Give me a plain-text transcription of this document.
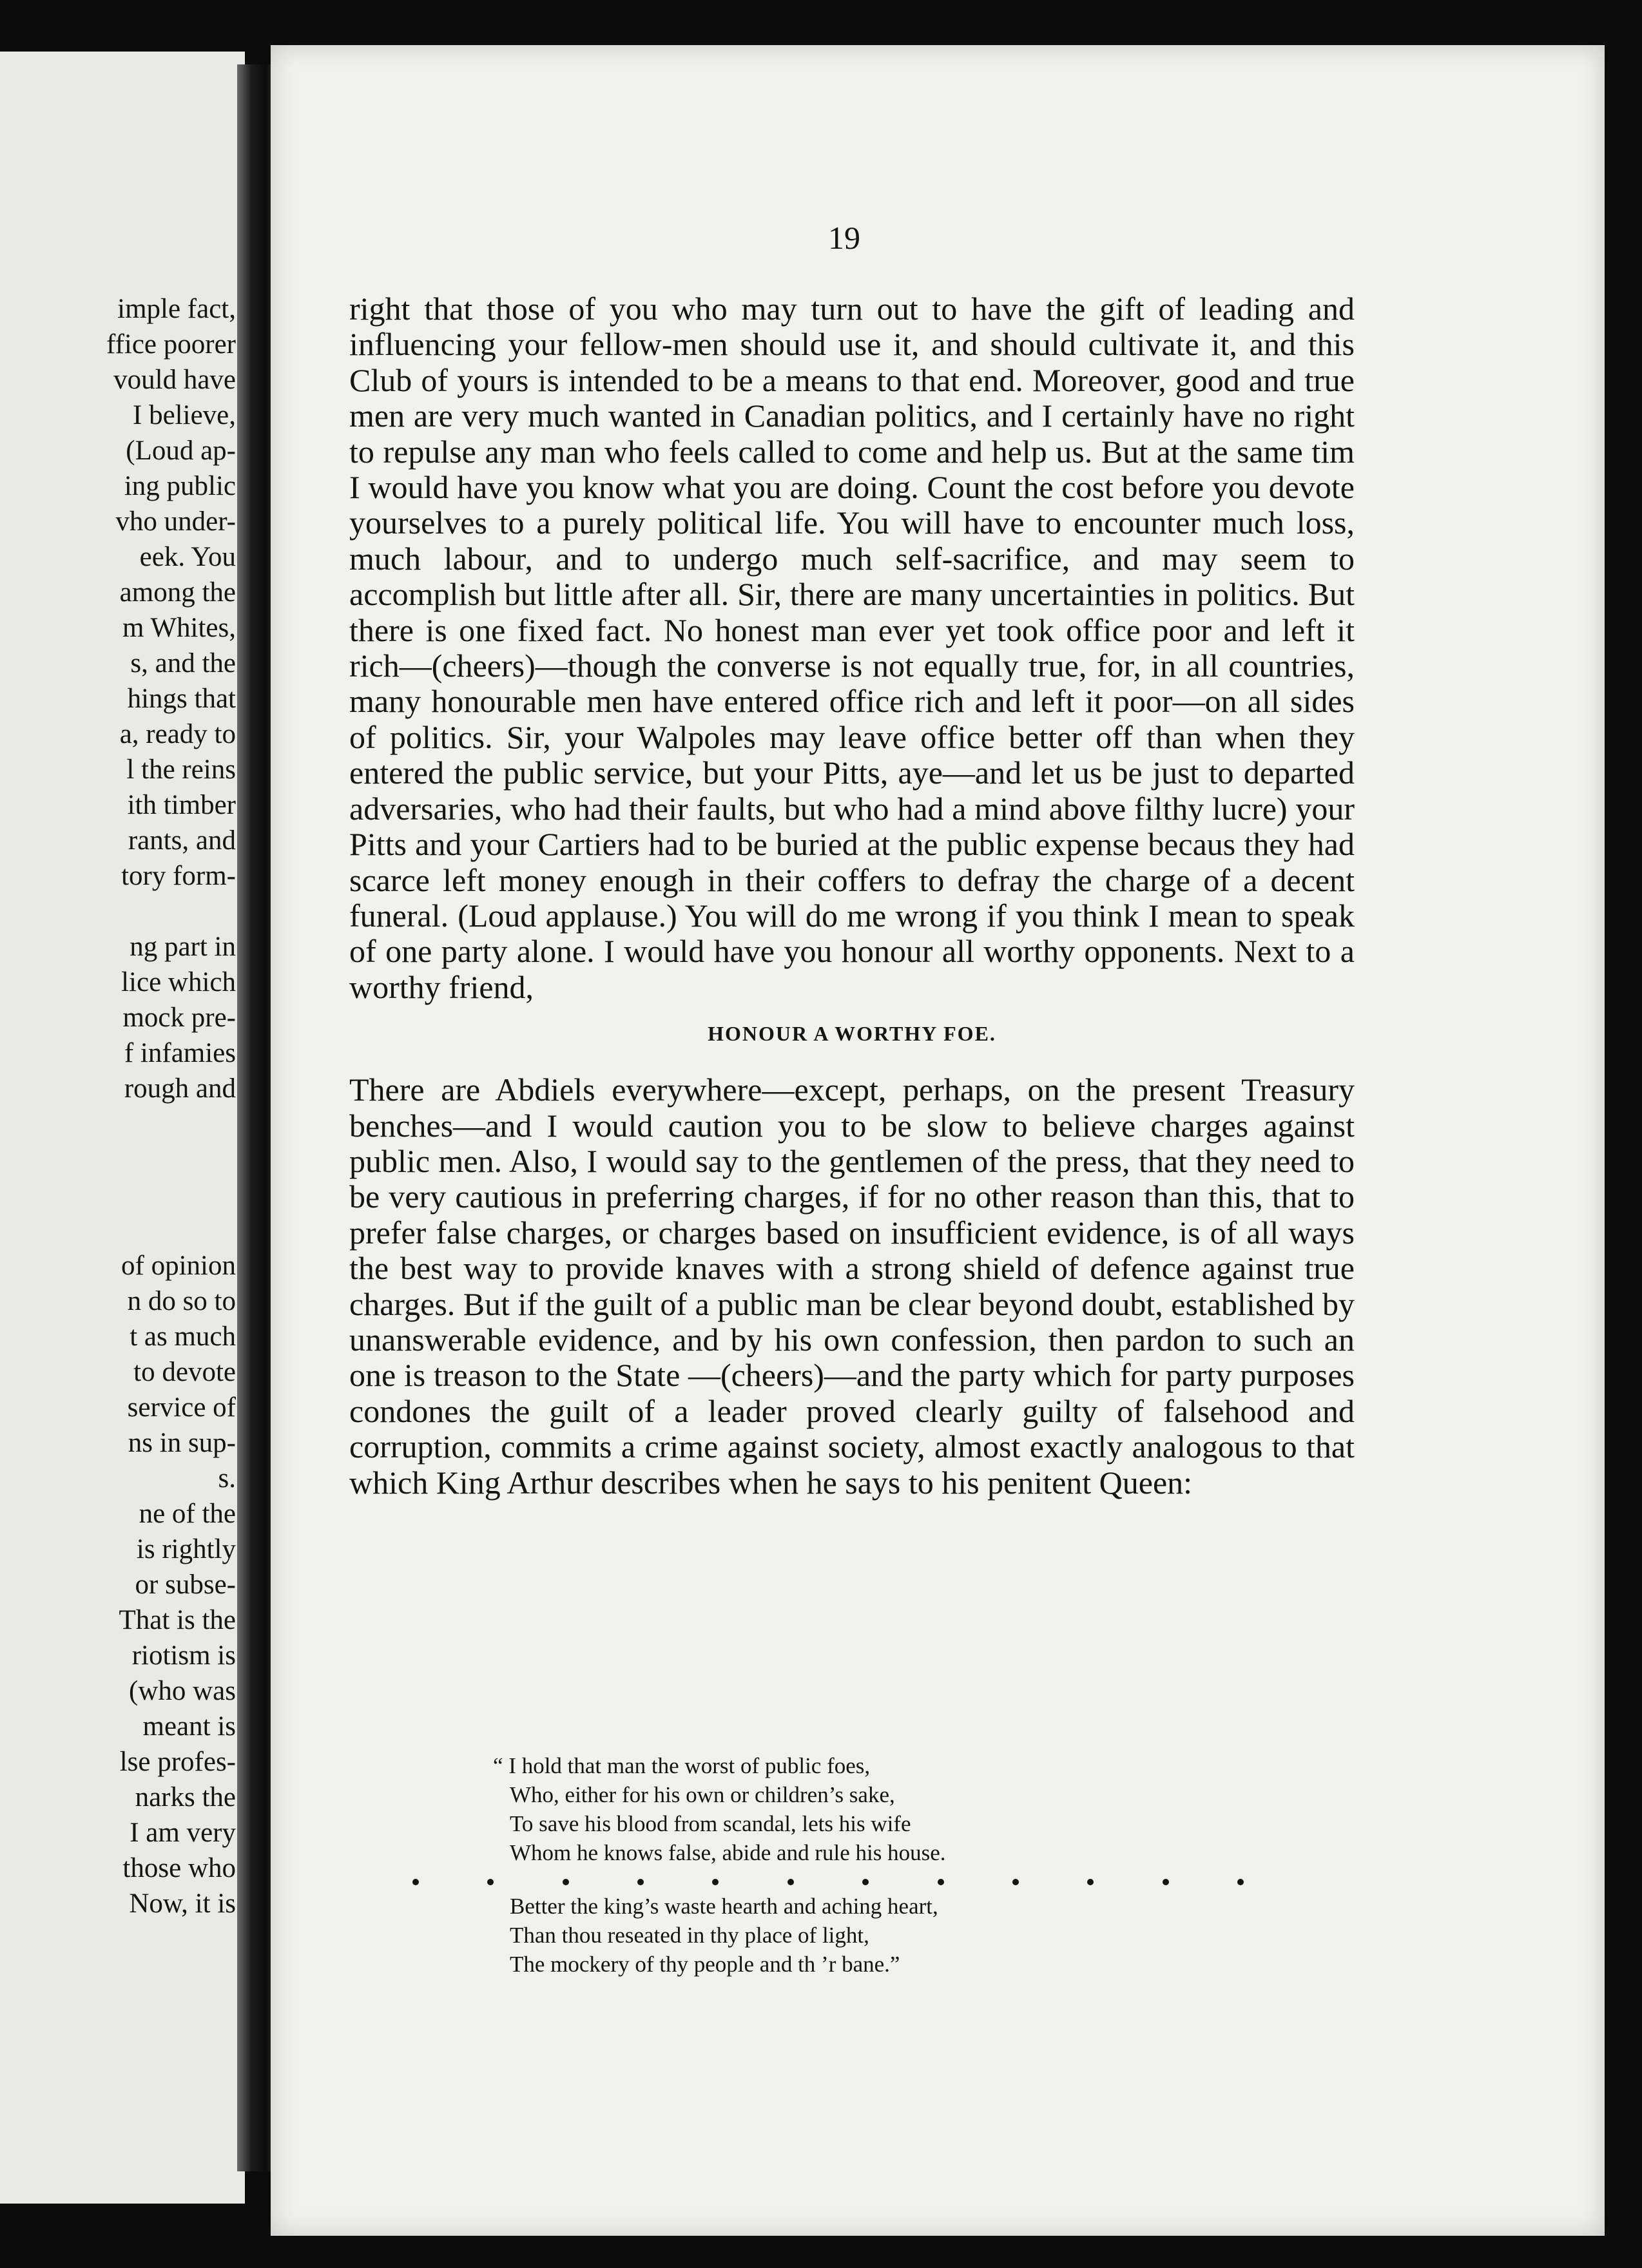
imple fact,
ffice poorer
vould have
I believe,
(Loud ap-
ing public
vho under-
eek. You
among the
m Whites,
s, and the
hings that
a, ready to
l the reins
ith timber
rants, and
tory form-

ng part in
lice which
mock pre-
f infamies
rough and

of opinion
n do so to
t as much
to devote
service of
ns in sup-
s.
ne of the
is rightly
or subse-
That is the
riotism is
(who was
meant is
lse profes-
narks the
I am very
those who
Now, it is
19

right that those of you who may turn out to have the gift of leading and influencing your fellow-men should use it, and should cultivate it, and this Club of yours is intended to be a means to that end. Moreover, good and true men are very much wanted in Canadian politics, and I certainly have no right to repulse any man who feels called to come and help us. But at the same tim I would have you know what you are doing. Count the cost before you devote yourselves to a purely political life. You will have to encounter much loss, much labour, and to undergo much self-sacrifice, and may seem to accomplish but little after all. Sir, there are many uncertainties in politics. But there is one fixed fact. No honest man ever yet took office poor and left it rich—(cheers)—though the converse is not equally true, for, in all countries, many honourable men have entered office rich and left it poor—on all sides of politics. Sir, your Walpoles may leave office better off than when they entered the public service, but your Pitts, aye—and let us be just to departed adversaries, who had their faults, but who had a mind above filthy lucre) your Pitts and your Cartiers had to be buried at the public expense becaus they had scarce left money enough in their coffers to defray the charge of a decent funeral. (Loud applause.) You will do me wrong if you think I mean to speak of one party alone. I would have you honour all worthy opponents. Next to a worthy friend,

HONOUR A WORTHY FOE.

There are Abdiels everywhere—except, perhaps, on the present Treasury benches—and I would caution you to be slow to believe charges against public men. Also, I would say to the gentlemen of the press, that they need to be very cautious in preferring charges, if for no other reason than this, that to prefer false charges, or charges based on insufficient evidence, is of all ways the best way to provide knaves with a strong shield of defence against true charges. But if the guilt of a public man be clear beyond doubt, established by unanswerable evidence, and by his own confession, then pardon to such an one is treason to the State —(cheers)—and the party which for party purposes condones the guilt of a leader proved clearly guilty of falsehood and corruption, commits a crime against society, almost exactly analogous to that which King Arthur describes when he says to his penitent Queen:

“ I hold that man the worst of public foes,
Who, either for his own or children’s sake,
To save his blood from scandal, lets his wife
Whom he knows false, abide and rule his house.
Better the king’s waste hearth and aching heart,
Than thou reseated in thy place of light,
The mockery of thy people and th ’r bane.”
